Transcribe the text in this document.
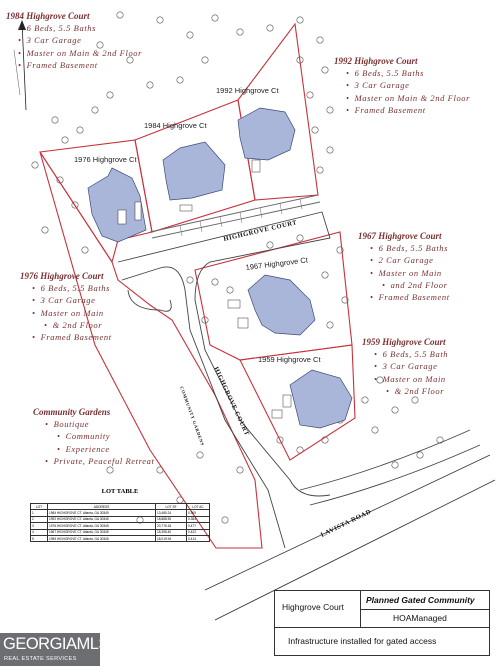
1984 Highgrove Ct
1992 Highgrove Ct
1976 Highgrove Ct
1967 Highgrove Ct
1959 Highgrove Ct
HIGHGROVE COURT
HIGHGROVE COURT
COMMUNITY GARDENS
LAVISTA ROAD
1984 Highgrove Court
• 6 Beds, 5.5 Baths
• 3 Car Garage
• Master on Main & 2nd Floor
• Framed Basement	1992 Highgrove Court
• 6 Beds, 5.5 Baths
• 3 Car Garage
• Master on Main & 2nd Floor
• Framed Basement
1967 Highgrove Court
• 6 Beds, 5.5 Baths
• 2 Car Garage
• Master on Main
• and 2nd Floor
• Framed Basement
1976 Highgrove Court
• 6 Beds, 5.5 Baths
• 3 Car Garage
• Master on Main
• & 2nd Floor
• Framed Basement	1959 Highgrove Court
• 6 Beds, 5.5 Bath
• 3 Car Garage
• Master on Main
• & 2nd Floor
Community Gardens
• Boutique
• Community
• Experience
• Private, Peaceful Retreat
LOT TABLE
LOT	ADDRESS	LOT SF	LOT AC
1	1984 HIGHGROVE CT. Atlanta, GA 30345	13,465.24	0.309
2	1992 HIGHGROVE CT. Atlanta, GA 30345	18,888.90	0.384
3	1976 HIGHGROVE CT. Atlanta, GA 30345	20,776.18	0.477
4	1967 HIGHGROVE CT. Atlanta, GA 30345	18,398.40	0.422
5	1959 HIGHGROVE CT. Atlanta, GA 30345	18,019.94	0.414
Highgrove Court
Planned Gated Community
HOAManaged
Infrastructure installed for gated access
GEORGIAMLS
REAL ESTATE SERVICES
